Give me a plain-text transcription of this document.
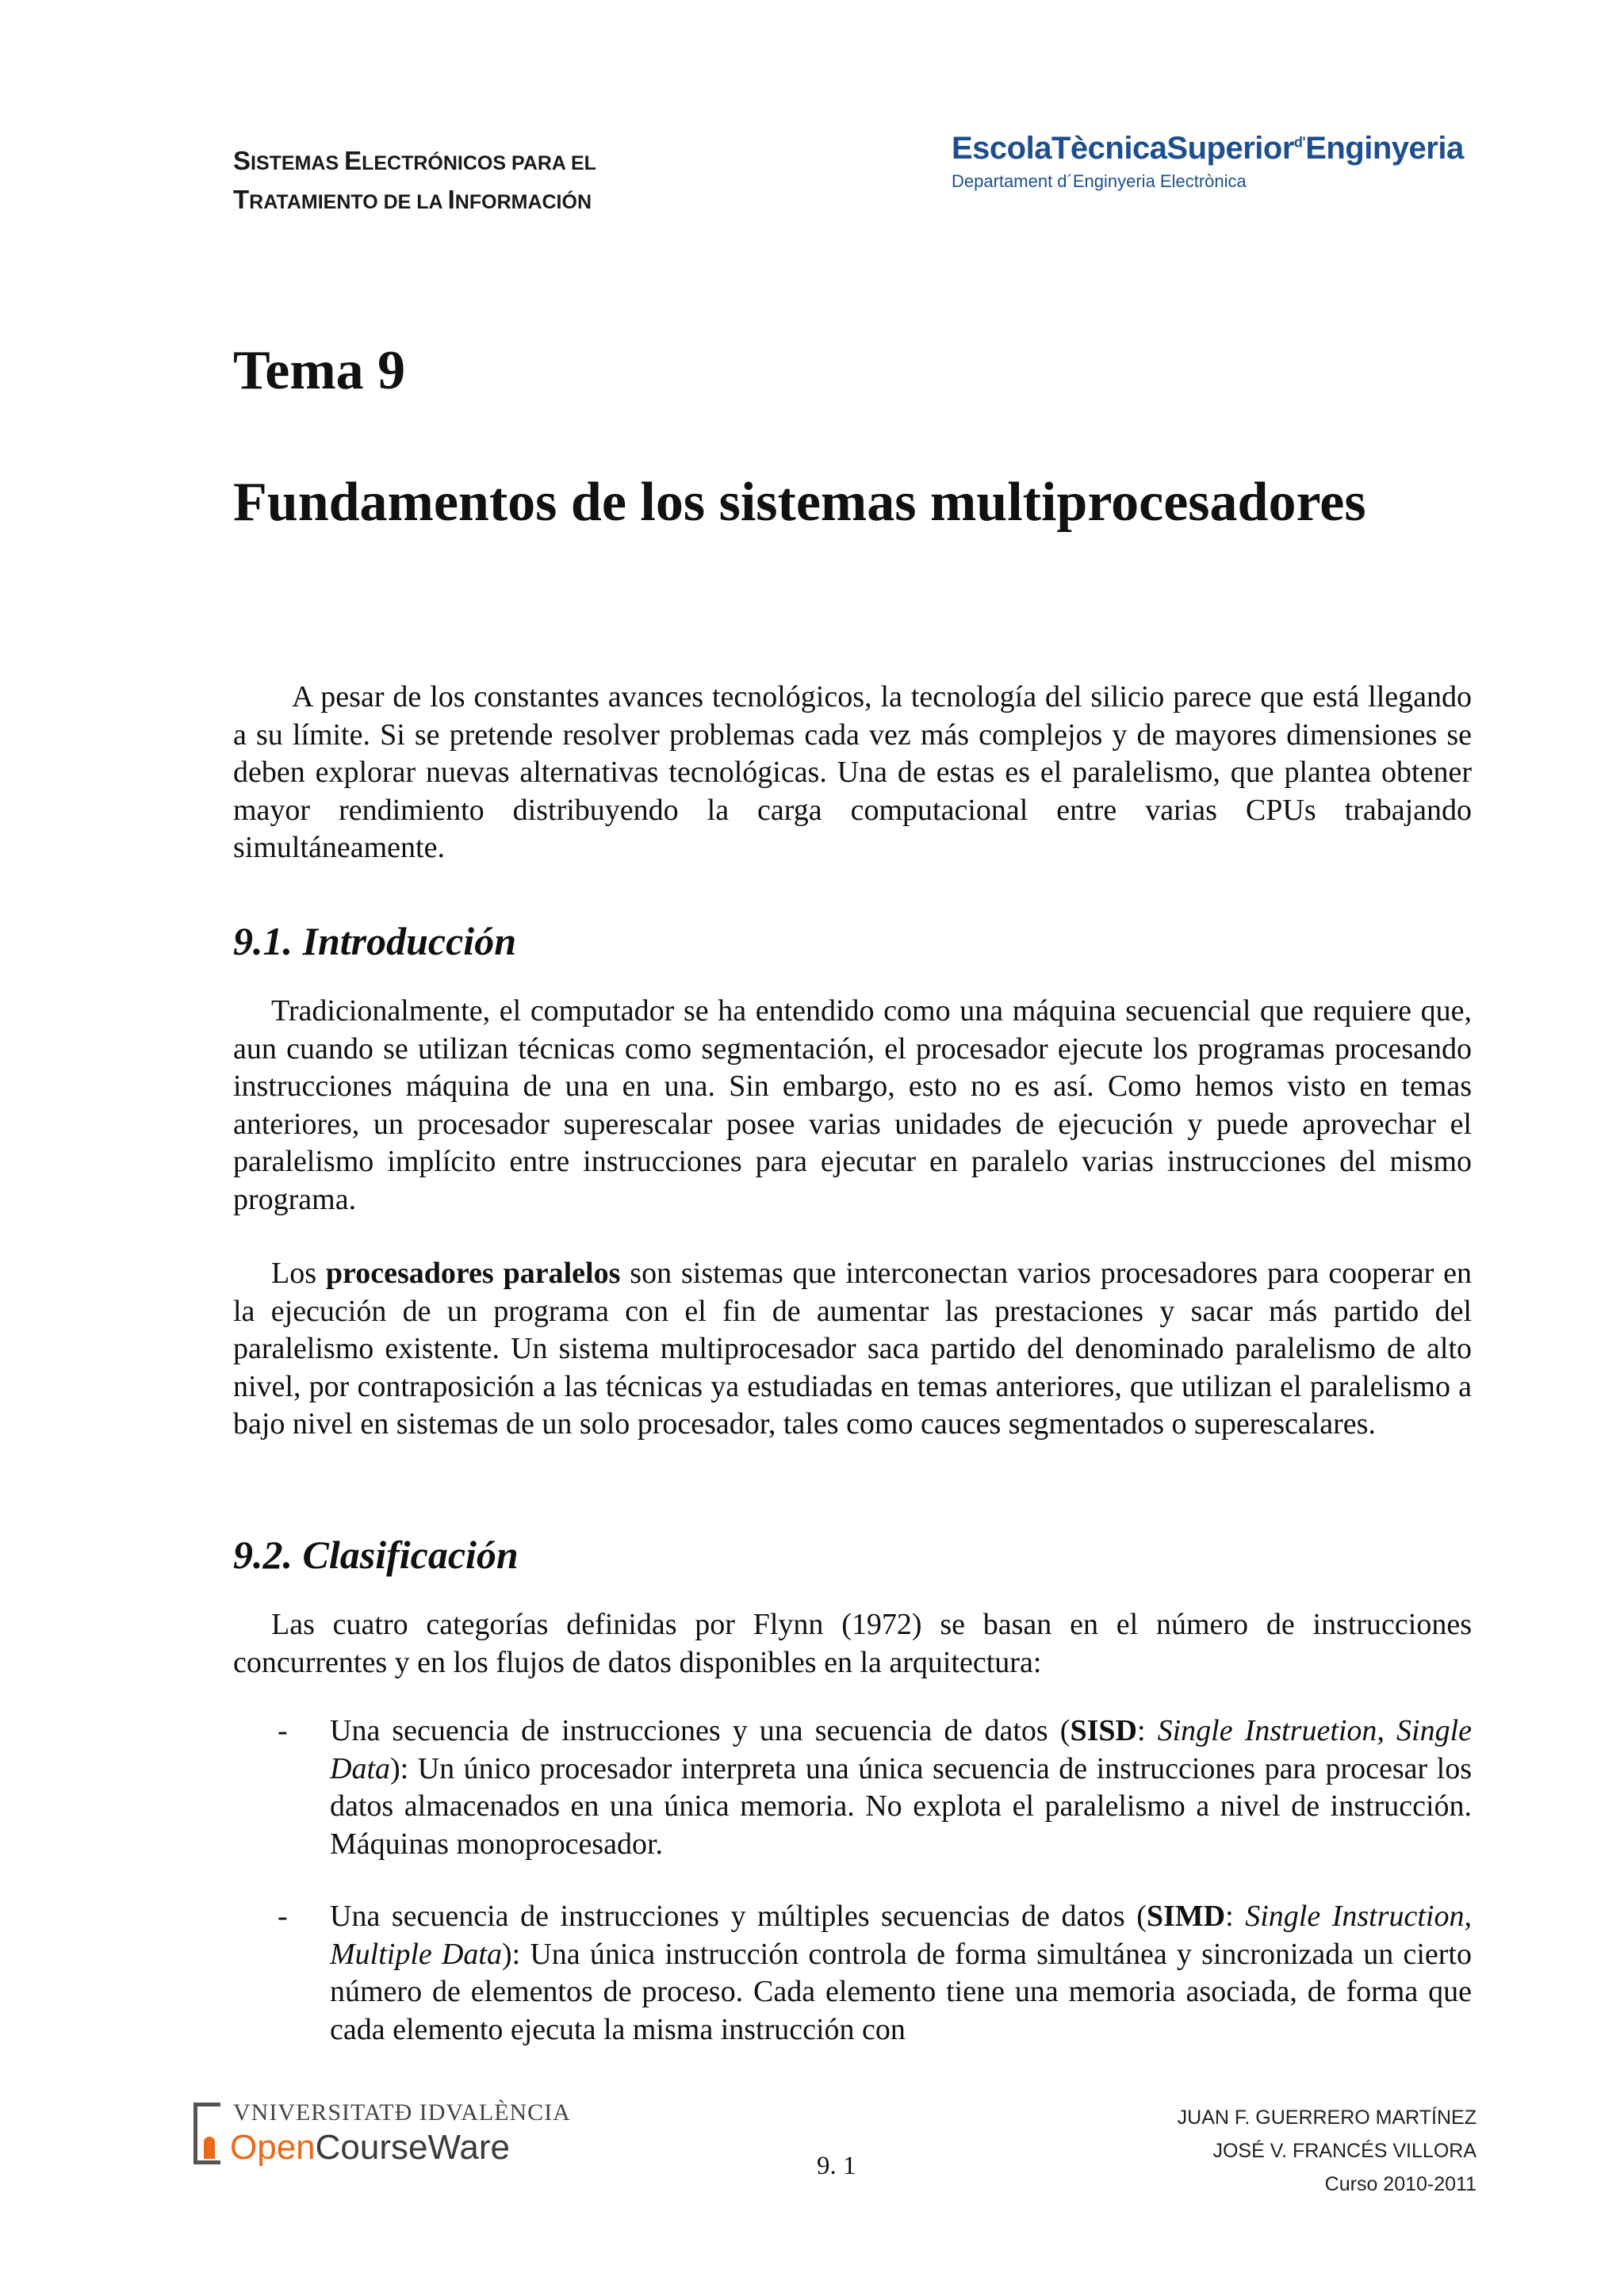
SISTEMAS ELECTRÓNICOS PARA EL
TRATAMIENTO DE LA INFORMACIÓN
EscolaTècnicaSuperior$^{d'}$Enginyeria
Departament d´Enginyeria Electrònica
Tema 9
Fundamentos de los sistemas multiprocesadores

A pesar de los constantes avances tecnológicos, la tecnología del silicio parece que está llegando a su límite. Si se pretende resolver problemas cada vez más complejos y de mayores dimensiones se deben explorar nuevas alternativas tecnológicas. Una de estas es el paralelismo, que plantea obtener mayor rendimiento distribuyendo la carga computacional entre varias CPUs trabajando simultáneamente.

9.1. Introducción

Tradicionalmente, el computador se ha entendido como una máquina secuencial que requiere que, aun cuando se utilizan técnicas como segmentación, el procesador ejecute los programas procesando instrucciones máquina de una en una. Sin embargo, esto no es así. Como hemos visto en temas anteriores, un procesador superescalar posee varias unidades de ejecución y puede aprovechar el paralelismo implícito entre instrucciones para ejecutar en paralelo varias instrucciones del mismo programa.

Los procesadores paralelos son sistemas que interconectan varios procesadores para cooperar en la ejecución de un programa con el fin de aumentar las prestaciones y sacar más partido del paralelismo existente. Un sistema multiprocesador saca partido del denominado paralelismo de alto nivel, por contraposición a las técnicas ya estudiadas en temas anteriores, que utilizan el paralelismo a bajo nivel en sistemas de un solo procesador, tales como cauces segmentados o superescalares.

9.2. Clasificación

Las cuatro categorías definidas por Flynn (1972) se basan en el número de instrucciones concurrentes y en los flujos de datos disponibles en la arquitectura:

-	Una secuencia de instrucciones y una secuencia de datos (SISD: Single Instruetion, Single Data): Un único procesador interpreta una única secuencia de instrucciones para procesar los datos almacenados en una única memoria. No explota el paralelismo a nivel de instrucción. Máquinas monoprocesador.
-	Una secuencia de instrucciones y múltiples secuencias de datos (SIMD: Single Instruction, Multiple Data): Una única instrucción controla de forma simultánea y sincronizada un cierto número de elementos de proceso. Cada elemento tiene una memoria asociada, de forma que cada elemento ejecuta la misma instrucción con
VNIVERSITATĐ IDVALÈNCIA
OpenCourseWare	9. 1
JUAN F. GUERRERO MARTÍNEZ
JOSÉ V. FRANCÉS VILLORA
Curso 2010-2011
